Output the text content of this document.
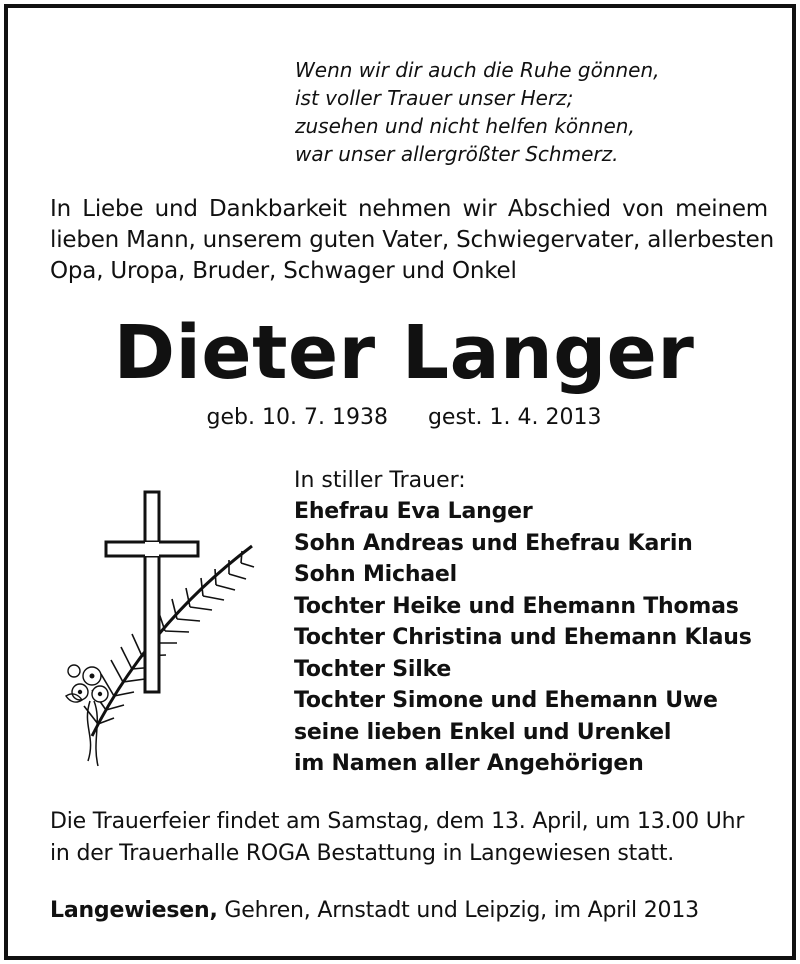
Wenn wir dir auch die Ruhe gönnen,
ist voller Trauer unser Herz;
zusehen und nicht helfen können,
war unser allergrößter Schmerz.
In Liebe und Dankbarkeit nehmen wir Abschied von meinem
lieben Mann, unserem guten Vater, Schwiegervater, allerbesten
Opa, Uropa, Bruder, Schwager und Onkel
Dieter Langer
geb. 10. 7. 1938 gest. 1. 4. 2013
In stiller Trauer:
Ehefrau Eva Langer
Sohn Andreas und Ehefrau Karin
Sohn Michael
Tochter Heike und Ehemann Thomas
Tochter Christina und Ehemann Klaus
Tochter Silke
Tochter Simone und Ehemann Uwe
seine lieben Enkel und Urenkel
im Namen aller Angehörigen
Die Trauerfeier findet am Samstag, dem 13. April, um 13.00 Uhr
in der Trauerhalle ROGA Bestattung in Langewiesen statt.
Langewiesen, Gehren, Arnstadt und Leipzig, im April 2013
